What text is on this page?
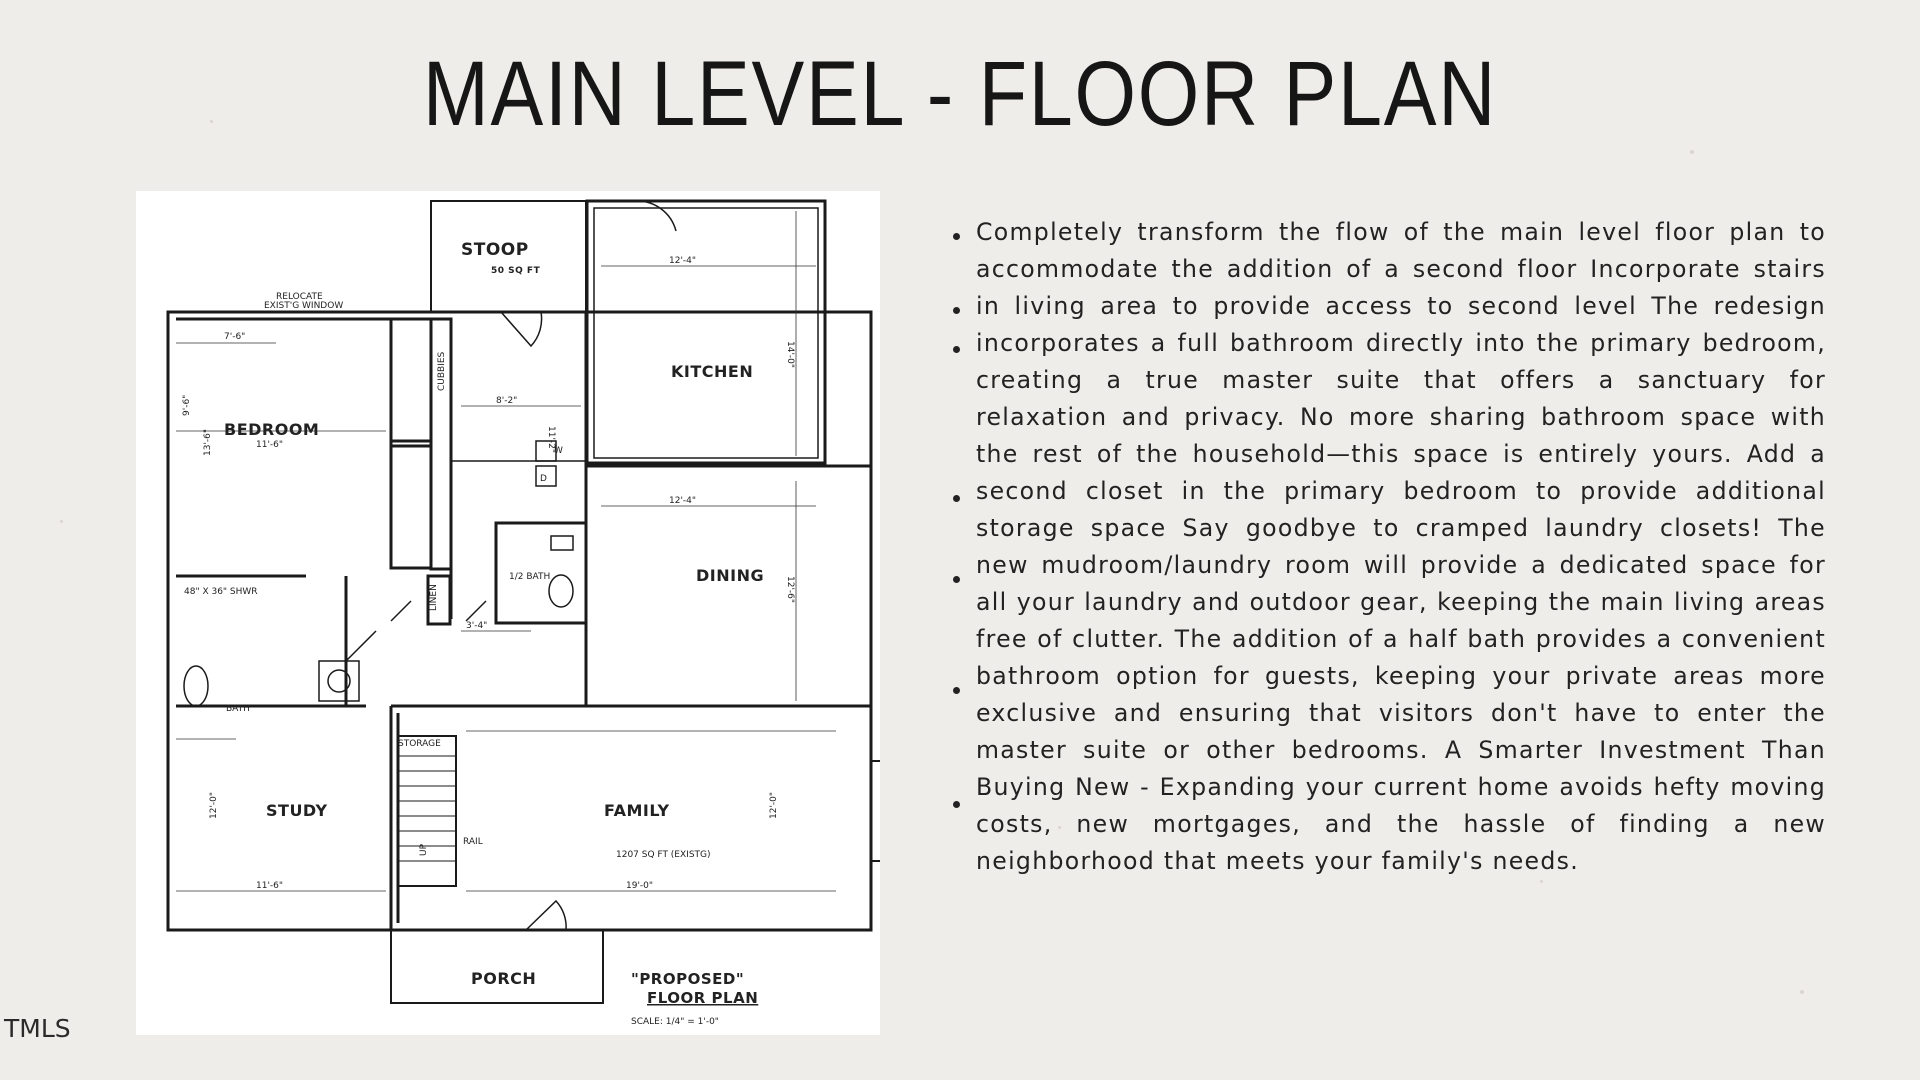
MAIN LEVEL - FLOOR PLAN
STOOP
50 SQ FT
KITCHEN
BEDROOM
DINING
STUDY	FAMILY
PORCH	"PROPOSED"
FLOOR PLAN
1207 SQ FT (EXISTG)
BATH
1/2 BATH
STORAGE
RAIL
48" X 36" SHWR
RELOCATE
EXIST'G WINDOW
SCALE: 1/4" = 1'-0"
LINEN
CUBBIES
UP
12'-4"
14'-0"
7'-6"
11'-6"
9'-6"
13'-6"
8'-2"
11'-2"
W
D
3'-4"
12'-4"
12'-6"
12'-0"
11'-6"	19'-0"
12'-0"
Completely transform the flow of the main level floor plan to accommodate the addition of a second floor Incorporate stairs in living area to provide access to second level The redesign incorporates a full bathroom directly into the primary bedroom, creating a true master suite that offers a sanctuary for relaxation and privacy. No more sharing bathroom space with the rest of the household—this space is entirely yours. Add a second closet in the primary bedroom to provide additional storage space Say goodbye to cramped laundry closets! The new mudroom/laundry room will provide a dedicated space for all your laundry and outdoor gear, keeping the main living areas free of clutter. The addition of a half bath provides a convenient bathroom option for guests, keeping your private areas more exclusive and ensuring that visitors don't have to enter the master suite or other bedrooms. A Smarter Investment Than Buying New - Expanding your current home avoids hefty moving costs, new mortgages, and the hassle of finding a new neighborhood that meets your family's needs.
TMLS
